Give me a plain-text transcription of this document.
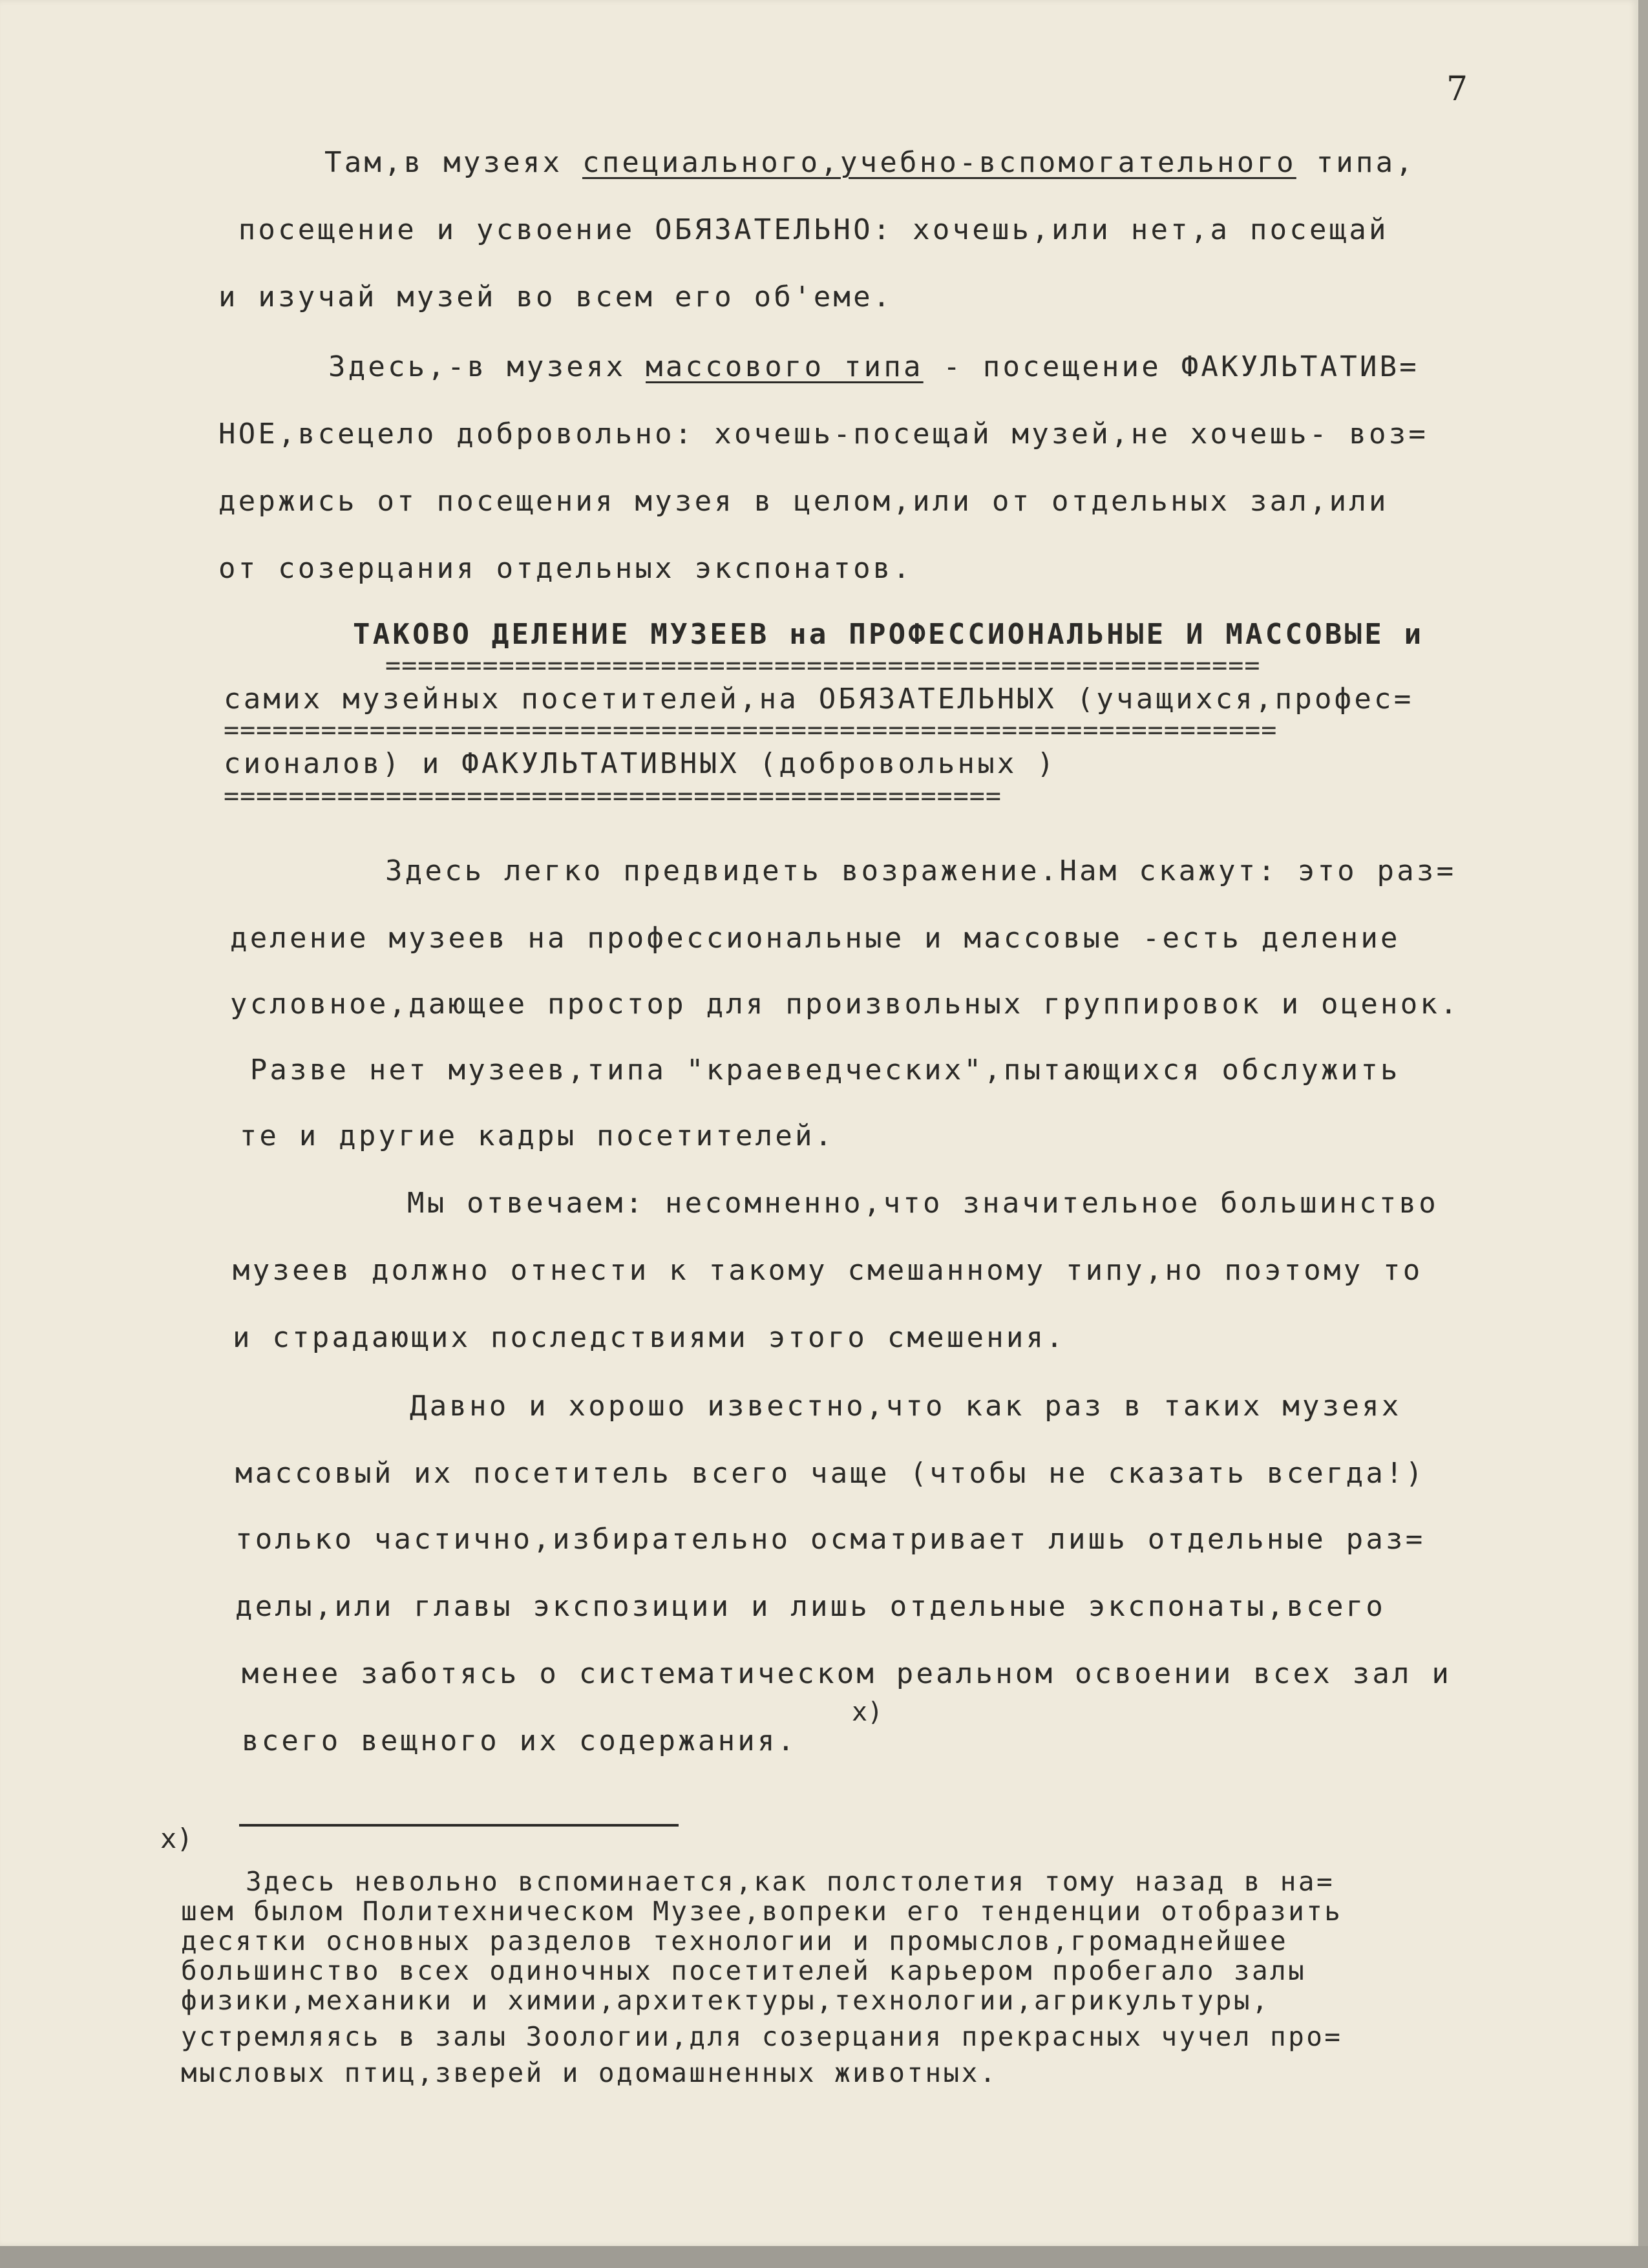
7
Там,в музеях специального,учебно-вспомогательного типа,
посещение и усвоение ОБЯЗАТЕЛЬНО: хочешь,или нет,а посещай
и изучай музей во всем его об'еме.
Здесь,-в музеях массового типа - посещение ФАКУЛЬТАТИВ=
НОЕ,всецело добровольно: хочешь-посещай музей,не хочешь- воз=
держись от посещения музея в целом,или от отдельных зал,или
от созерцания отдельных экспонатов.
ТАКОВО ДЕЛЕНИЕ МУЗЕЕВ на ПРОФЕССИОНАЛЬНЫЕ И МАССОВЫЕ и
======================================================
самих музейных посетителей,на ОБЯЗАТЕЛЬНЫХ (учащихся,профес=
=================================================================
сионалов) и ФАКУЛЬТАТИВНЫХ (добровольных )
================================================
Здесь легко предвидеть возражение.Нам скажут: это раз=
деление музеев на профессиональные и массовые -есть деление
условное,дающее простор для произвольных группировок и оценок.
Разве нет музеев,типа "краеведческих",пытающихся обслужить
те и другие кадры посетителей.
Мы отвечаем: несомненно,что значительное большинство
музеев должно отнести к такому смешанному типу,но поэтому то
и страдающих последствиями этого смешения.
Давно и хорошо известно,что как раз в таких музеях
массовый их посетитель всего чаще (чтобы не сказать всегда!)
только частично,избирательно осматривает лишь отдельные раз=
делы,или главы экспозиции и лишь отдельные экспонаты,всего
менее заботясь о систематическом реальном освоении всех зал и
x)
всего вещного их содержания.
x)
Здесь невольно вспоминается,как полстолетия тому назад в на=
шем былом Политехническом Музее,вопреки его тенденции отобразить
десятки основных разделов технологии и промыслов,громаднейшее
большинство всех одиночных посетителей карьером пробегало залы
физики,механики и химии,архитектуры,технологии,агрикультуры,
устремляясь в залы Зоологии,для созерцания прекрасных чучел про=
мысловых птиц,зверей и одомашненных животных.
